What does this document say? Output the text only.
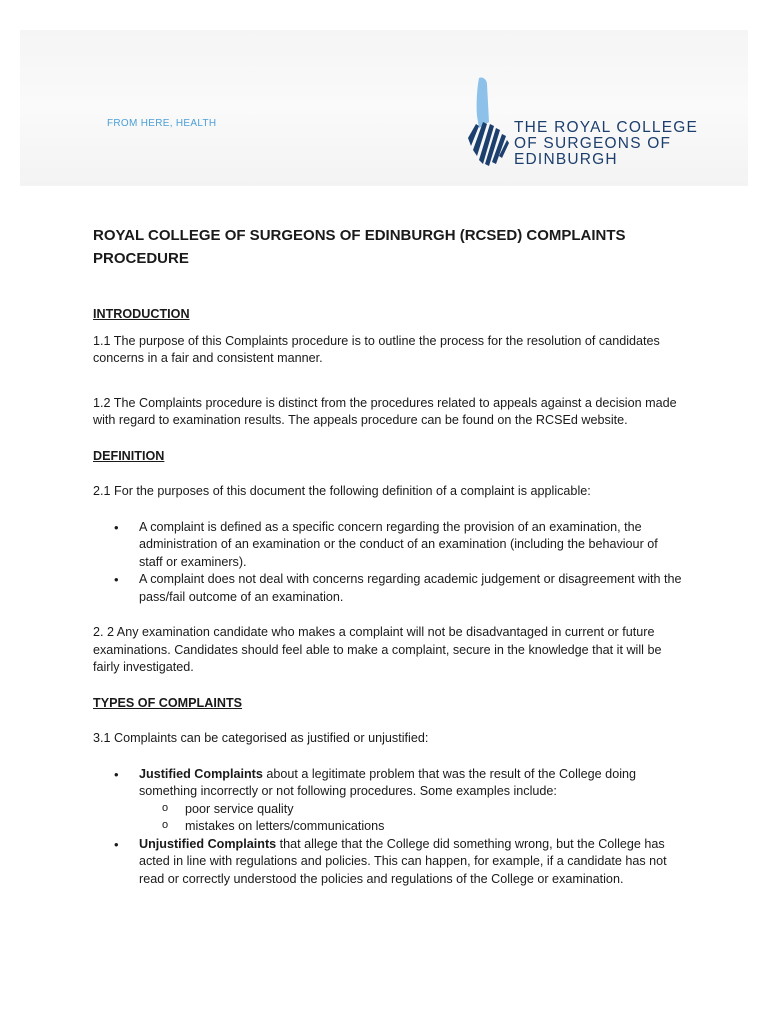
FROM HERE, HEALTH	THE ROYAL COLLEGE
OF SURGEONS OF
EDINBURGH
ROYAL COLLEGE OF SURGEONS OF EDINBURGH (RCSED) COMPLAINTS PROCEDURE
INTRODUCTION

1.1 The purpose of this Complaints procedure is to outline the process for the resolution of candidates concerns in a fair and consistent manner.

1.2 The Complaints procedure is distinct from the procedures related to appeals against a decision made with regard to examination results. The appeals procedure can be found on the RCSEd website.

DEFINITION

2.1 For the purposes of this document the following definition of a complaint is applicable:

• A complaint is defined as a specific concern regarding the provision of an examination, the administration of an examination or the conduct of an examination (including the behaviour of staff or examiners).
• A complaint does not deal with concerns regarding academic judgement or disagreement with the pass/fail outcome of an examination.

2. 2 Any examination candidate who makes a complaint will not be disadvantaged in current or future examinations. Candidates should feel able to make a complaint, secure in the knowledge that it will be fairly investigated.

TYPES OF COMPLAINTS

3.1 Complaints can be categorised as justified or unjustified:

• Justified Complaints about a legitimate problem that was the result of the College doing something incorrectly or not following procedures. Some examples include:
o poor service quality
o mistakes on letters/communications
• Unjustified Complaints that allege that the College did something wrong, but the College has acted in line with regulations and policies. This can happen, for example, if a candidate has not read or correctly understood the policies and regulations of the College or examination.
